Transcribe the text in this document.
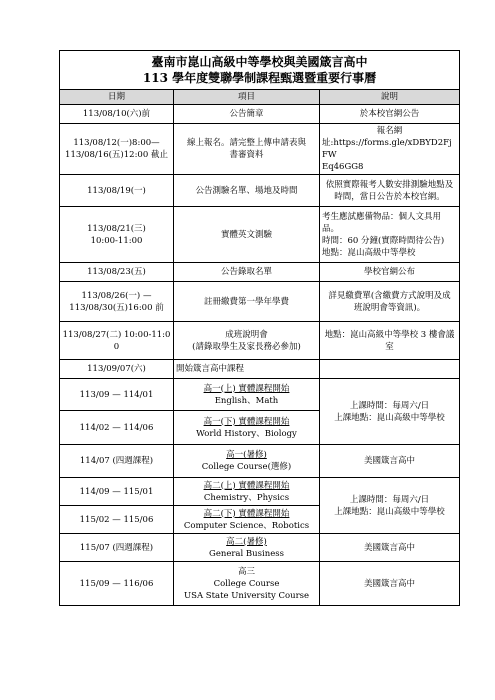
臺南市崑山高級中等學校與美國箴言高中
113 學年度雙聯學制課程甄選暨重要行事曆		

日期	項目	說明
113/08/10(六)前	公告簡章	於本校官網公告

113/08/12(一)8:00—
113/08/16(五)12:00 截止	線上報名。請完整上傳申請表與
書審資料	報名網
址:https://forms.gle/xDBYD2FjFW
Eq46GG8

113/08/19(一)	公告測驗名單、場地及時間	依照實際報考人數安排測驗地點及
時間，當日公告於本校官網。

113/08/21(三)
10:00-11:00	實體英文測驗	考生應試應備物品：個人文具用
品。
時間：60 分鐘(實際時間待公告)
地點：崑山高級中等學校

113/08/23(五)	公告錄取名單	學校官網公布

113/08/26(一) —
113/08/30(五)16:00 前	註冊繳費第一學年學費	詳見繳費單(含繳費方式說明及成
班說明會等資訊)。

113/08/27(二) 10:00-11:00	成班說明會
(請錄取學生及家長務必參加)	地點：崑山高級中等學校 3 樓會議
室

113/09/07(六)	開始箴言高中課程	
113/09 — 114/01	高一(上) 實體課程開始
English、Math	上課時間：每周六/日
上課地點：崑山高級中等學校

114/02 — 114/06	高一(下) 實體課程開始
World History、Biology	

114/07 (四週課程)	高一(暑修)
College Course(選修)	美國箴言高中
114/09 — 115/01	高二(上) 實體課程開始
Chemistry、Physics	上課時間：每周六/日
上課地點：崑山高級中等學校

115/02 — 115/06	高二(下) 實體課程開始
Computer Science、Robotics	

115/07 (四週課程)	高二(暑修)
General Business	美國箴言高中
115/09 — 116/06	高三
College Course
USA State University Course	美國箴言高中
